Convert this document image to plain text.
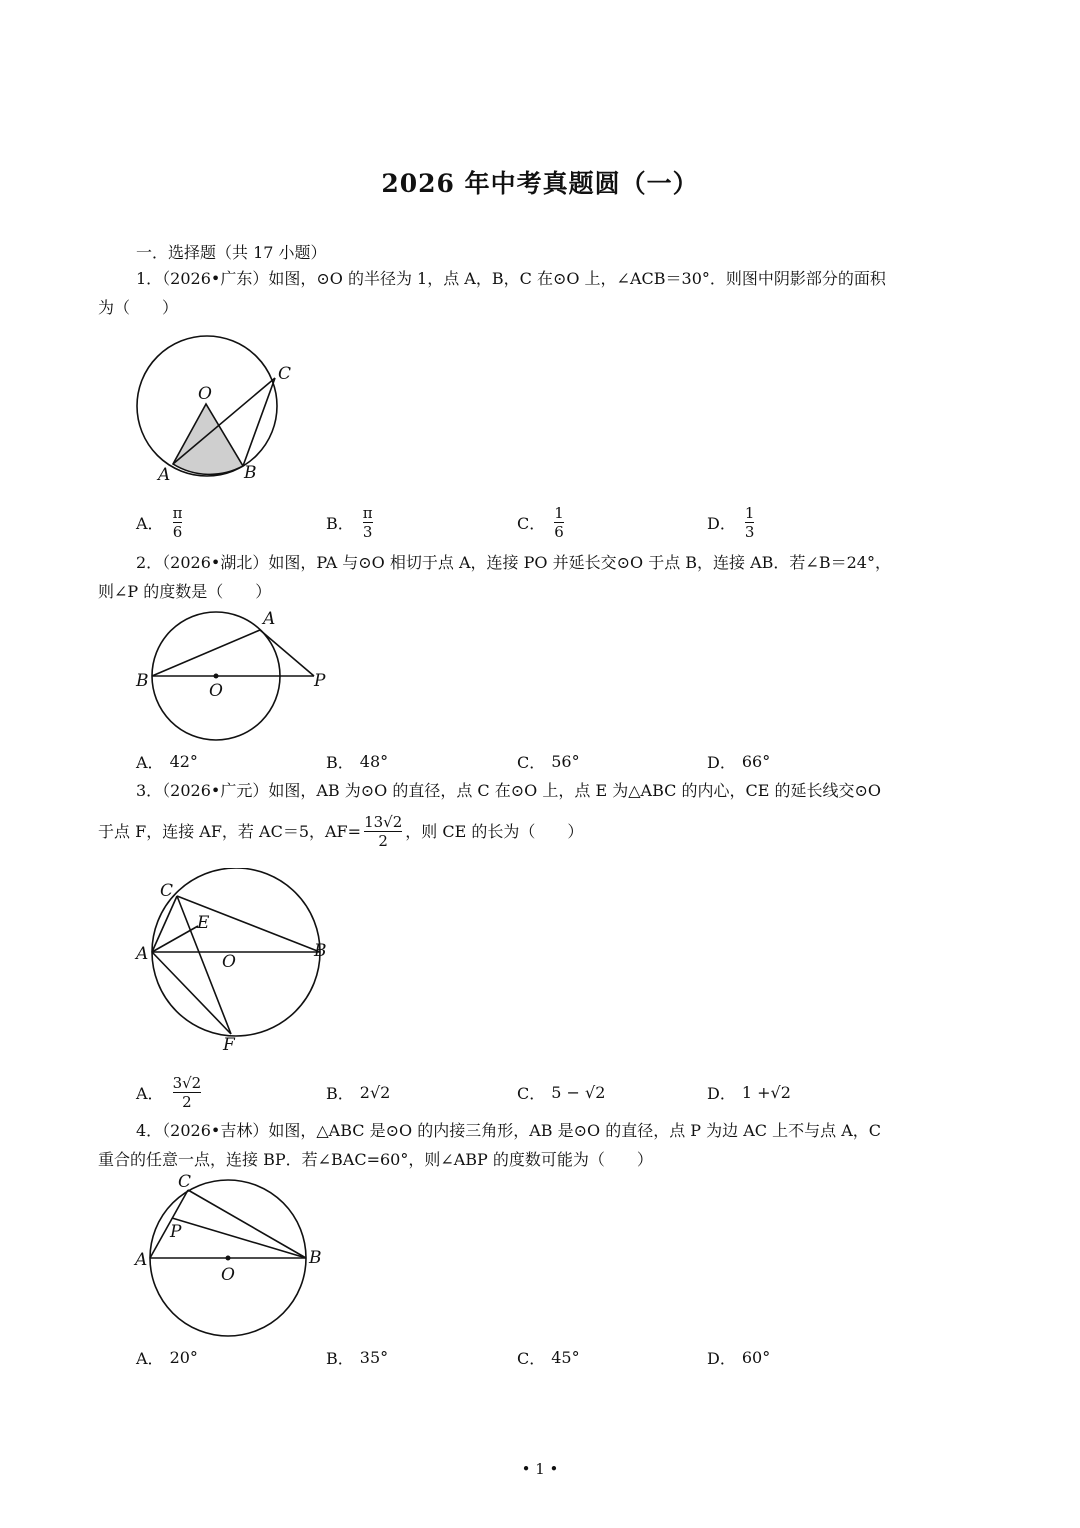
2026 年中考真题圆（一）
一．选择题（共 17 小题）
1．（2026•广东）如图，⊙O 的半径为 1，点 A，B，C 在⊙O 上，∠ACB＝30°．则图中阴影部分的面积
为（　　）
O
A	B
C
A． $\frac{\pi}{6}$	B． $\frac{\pi}{3}$	C． $\frac{1}{6}$	D． $\frac{1}{3}$
2．（2026•湖北）如图，PA 与⊙O 相切于点 A，连接 PO 并延长交⊙O 于点 B，连接 AB．若∠B＝24°，
则∠P 的度数是（　　）
A
B	O	P
A． 42°	B． 48°	C． 56°	D． 66°
3．（2026•广元）如图，AB 为⊙O 的直径，点 C 在⊙O 上，点 E 为△ABC 的内心，CE 的延长线交⊙O
于点 F，连接 AF，若 AC＝5，$AF= \frac{13√2}{2}$ ，则 CE 的长为（　　）
C
E
A	O
B
F
A． $\frac{3√2}{2}$	B． 2√2	C． 5 − √2	D． 1 +√2
4．（2026•吉林）如图，△ABC 是⊙O 的内接三角形，AB 是⊙O 的直径，点 P 为边 AC 上不与点 A，C
重合的任意一点，连接 BP．若∠BAC=60°，则∠ABP 的度数可能为（　　）
C
P
A
O
B
A． 20°	B． 35°	C． 45°	D． 60°
• 1 •
